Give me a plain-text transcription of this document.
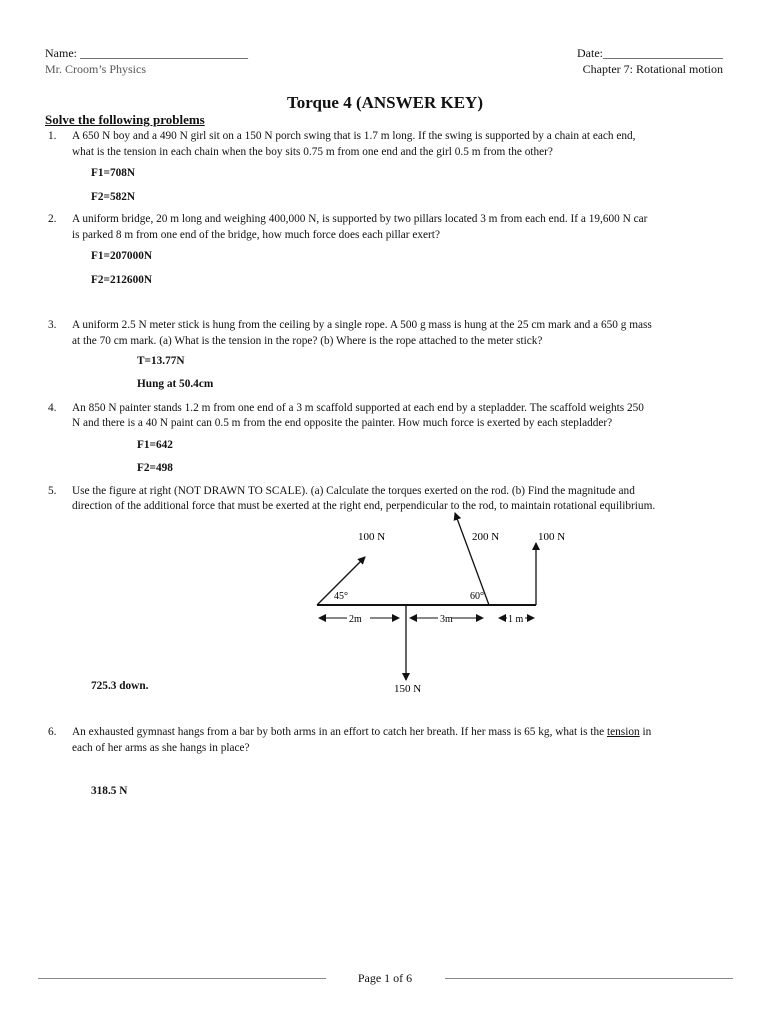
Name: ____________________________
Mr. Croom’s Physics
Date:____________________
Chapter 7: Rotational motion
Torque 4 (ANSWER KEY)
Solve the following problems
1. A 650 N boy and a 490 N girl sit on a 150 N porch swing that is 1.7 m long. If the swing is supported by a chain at each end,
what is the tension in each chain when the boy sits 0.75 m from one end and the girl 0.5 m from the other?
F1=708N
F2=582N
2. A uniform bridge, 20 m long and weighing 400,000 N, is supported by two pillars located 3 m from each end. If a 19,600 N car
is parked 8 m from one end of the bridge, how much force does each pillar exert?
F1=207000N
F2=212600N
3. A uniform 2.5 N meter stick is hung from the ceiling by a single rope. A 500 g mass is hung at the 25 cm mark and a 650 g mass
at the 70 cm mark. (a) What is the tension in the rope? (b) Where is the rope attached to the meter stick?
T=13.77N
Hung at 50.4cm
4. An 850 N painter stands 1.2 m from one end of a 3 m scaffold supported at each end by a stepladder. The scaffold weights 250
N and there is a 40 N paint can 0.5 m from the end opposite the painter. How much force is exerted by each stepladder?
F1=642
F2=498
5. Use the figure at right (NOT DRAWN TO SCALE). (a) Calculate the torques exerted on the rod. (b) Find the magnitude and
direction of the additional force that must be exerted at the right end, perpendicular to the rod, to maintain rotational equilibrium.
100 N	200 N	100 N
150 N
45°	60°
2m	3m	1 m
725.3 down.
6. An exhausted gymnast hangs from a bar by both arms in an effort to catch her breath. If her mass is 65 kg, what is the tension in
each of her arms as she hangs in place?
318.5 N
Page 1 of 6
